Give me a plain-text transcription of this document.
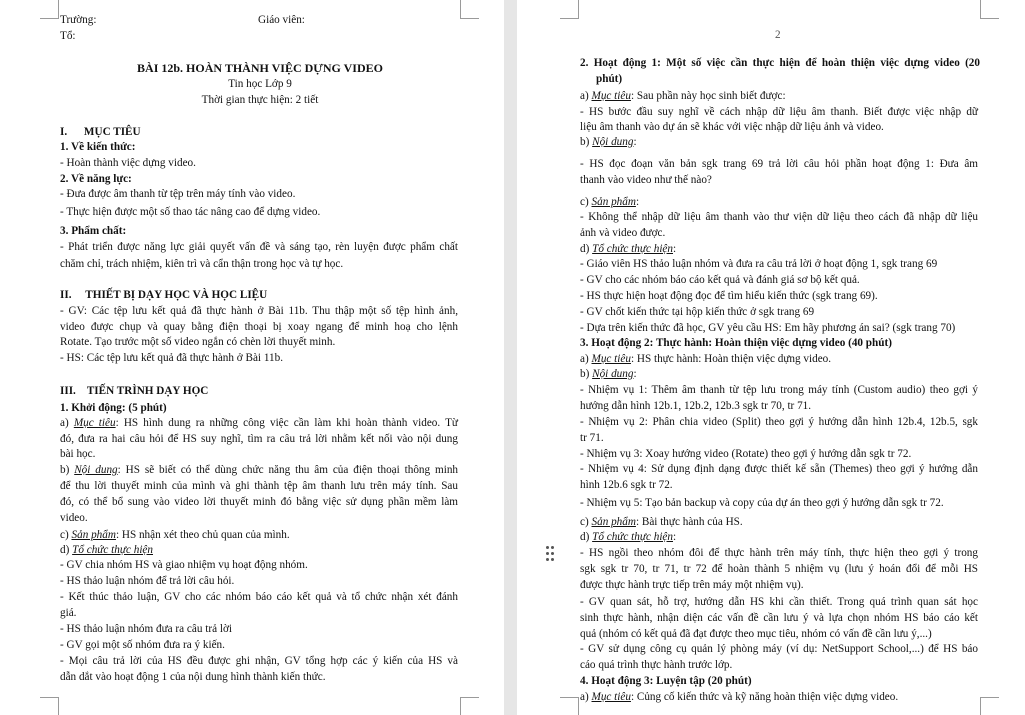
Trường:	Giáo viên:
Tổ:
BÀI 12b. HOÀN THÀNH VIỆC DỰNG VIDEO
Tin học Lớp 9
Thời gian thực hiện: 2 tiết
I.      MỤC TIÊU
1. Về kiến thức:
- Hoàn thành việc dựng video.
2. Về năng lực:
- Đưa được âm thanh từ tệp trên máy tính vào video.
- Thực hiện được một số thao tác nâng cao để dựng video.
3. Phẩm chất:
- Phát triển được năng lực giải quyết vấn đề và sáng tạo, rèn luyện được phẩm chất
chăm chỉ, trách nhiệm, kiên trì và cẩn thận trong học và tự học.
II.     THIẾT BỊ DẠY HỌC VÀ HỌC LIỆU
- GV: Các tệp lưu kết quả đã thực hành ở Bài 11b. Thu thập một số tệp hình ảnh,
video được chụp và quay bằng điện thoại bị xoay ngang để minh hoạ cho lệnh
Rotate. Tạo trước một số video ngắn có chèn lời thuyết minh.
- HS: Các tệp lưu kết quả đã thực hành ở Bài 11b.
III.    TIẾN TRÌNH DẠY HỌC
1. Khởi động: (5 phút)
a) Mục tiêu: HS hình dung ra những công việc cần làm khi hoàn thành video. Từ
đó, đưa ra hai câu hỏi để HS suy nghĩ, tìm ra câu trả lời nhằm kết nối vào nội dung
bài học.
b) Nội dung: HS sẽ biết có thể dùng chức năng thu âm của điện thoại thông minh
để thu lời thuyết minh của mình và ghi thành tệp âm thanh lưu trên máy tính. Sau
đó, có thể bổ sung vào video lời thuyết minh đó bằng việc sử dụng phần mềm làm
video.
c) Sản phẩm: HS nhận xét theo chủ quan của mình.
d) Tổ chức thực hiện
- GV chia nhóm HS và giao nhiệm vụ hoạt động nhóm.
- HS thảo luận nhóm để trả lời câu hỏi.
- Kết thúc thảo luận, GV cho các nhóm báo cáo kết quả và tổ chức nhận xét đánh
giá.
- HS thảo luận nhóm đưa ra câu trả lời
- GV gọi một số nhóm đưa ra ý kiến.
- Mọi câu trả lời của HS đều được ghi nhận, GV tổng hợp các ý kiến của HS và
dẫn dắt vào hoạt động 1 của nội dung hình thành kiến thức.
2
2. Hoạt động 1: Một số việc cần thực hiện để hoàn thiện việc dựng video (20
phút)
a) Mục tiêu: Sau phần này học sinh biết được:
- HS bước đầu suy nghĩ về cách nhập dữ liệu âm thanh. Biết được việc nhập dữ
liệu âm thanh vào dự án sẽ khác với việc nhập dữ liệu ảnh và video.
b) Nội dung:
- HS đọc đoạn văn bản sgk trang 69 trả lời câu hỏi phần hoạt động 1: Đưa âm
thanh vào video như thế nào?
c) Sản phẩm:
- Không thể nhập dữ liệu âm thanh vào thư viện dữ liệu theo cách đã nhập dữ liệu
ảnh và video được.
d) Tổ chức thực hiện:
- Giáo viên HS thảo luận nhóm và đưa ra câu trả lời ở hoạt động 1, sgk trang 69
- GV cho các nhóm báo cáo kết quả và đánh giá sơ bộ kết quả.
- HS thực hiện hoạt động đọc để tìm hiểu kiến thức (sgk trang 69).
- GV chốt kiến thức tại hộp kiến thức ở sgk trang 69
- Dựa trên kiến thức đã học, GV yêu cầu HS: Em hãy phương án sai? (sgk trang 70)
3. Hoạt động 2: Thực hành: Hoàn thiện việc dựng video (40 phút)
a) Mục tiêu: HS thực hành: Hoàn thiện việc dựng video.
b) Nội dung:
- Nhiệm vụ 1: Thêm âm thanh từ tệp lưu trong máy tính (Custom audio) theo gợi ý
hướng dẫn hình 12b.1, 12b.2, 12b.3 sgk tr 70, tr 71.
- Nhiệm vụ 2: Phân chia video (Split) theo gợi ý hướng dẫn hình 12b.4, 12b.5, sgk
tr 71.
- Nhiệm vụ 3: Xoay hướng video (Rotate) theo gợi ý hướng dẫn sgk tr 72.
- Nhiệm vụ 4: Sử dụng định dạng được thiết kế sẵn (Themes) theo gợi ý hướng dẫn
hình 12b.6 sgk tr 72.
- Nhiệm vụ 5: Tạo bản backup và copy của dự án theo gợi ý hướng dẫn sgk tr 72.
c) Sản phẩm: Bài thực hành của HS.
d) Tổ chức thực hiện:
- HS ngồi theo nhóm đôi để thực hành trên máy tính, thực hiện theo gợi ý trong
sgk sgk tr 70, tr 71, tr 72 để hoàn thành 5 nhiệm vụ (lưu ý hoán đổi để mỗi HS
được thực hành trực tiếp trên máy một nhiệm vụ).
- GV quan sát, hỗ trợ, hướng dẫn HS khi cần thiết. Trong quá trình quan sát học
sinh thực hành, nhận diện các vấn đề cần lưu ý và lựa chọn nhóm HS báo cáo kết
quả (nhóm có kết quả đã đạt được theo mục tiêu, nhóm có vấn đề cần lưu ý,...)
- GV sử dụng công cụ quản lý phòng máy (ví dụ: NetSupport School,...) để HS báo
cáo quá trình thực hành trước lớp.
4. Hoạt động 3: Luyện tập (20 phút)
a) Mục tiêu: Củng cố kiến thức và kỹ năng hoàn thiện việc dựng video.
